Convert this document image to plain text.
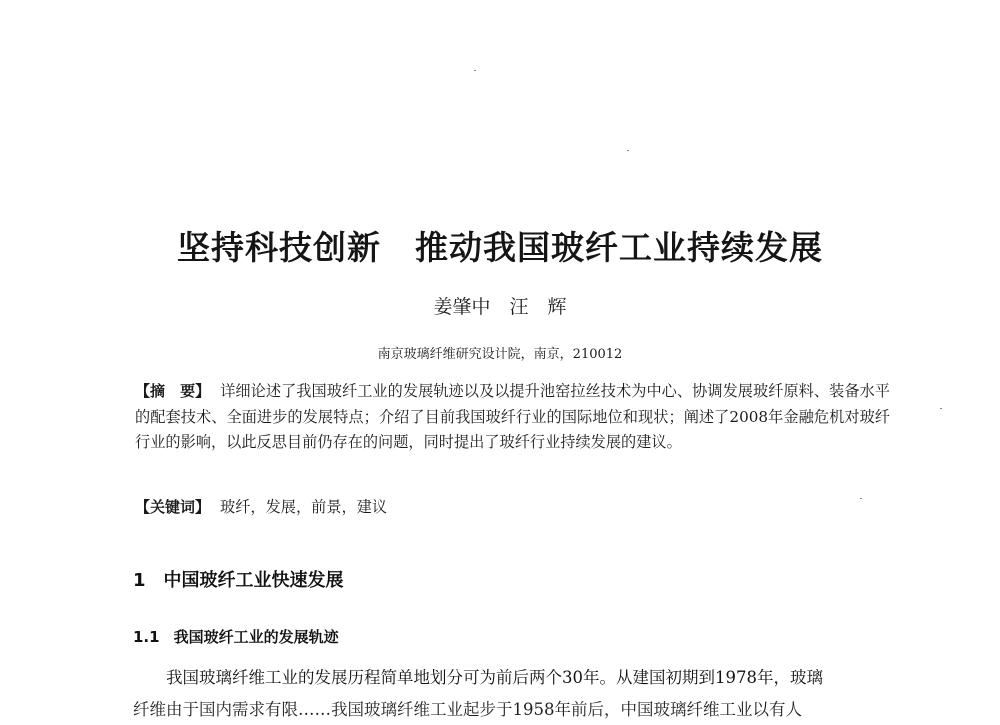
坚持科技创新　推动我国玻纤工业持续发展
姜肇中　汪　辉
南京玻璃纤维研究设计院，南京，210012
【摘　要】 详细论述了我国玻纤工业的发展轨迹以及以提升池窑拉丝技术为中心、协调发展玻纤原料、装备水平的配套技术、全面进步的发展特点；介绍了目前我国玻纤行业的国际地位和现状；阐述了2008年金融危机对玻纤行业的影响，以此反思目前仍存在的问题，同时提出了玻纤行业持续发展的建议。
【关键词】 玻纤，发展，前景，建议
1 中国玻纤工业快速发展
1.1 我国玻纤工业的发展轨迹
我国玻璃纤维工业的发展历程简单地划分可为前后两个30年。从建国初期到1978年，玻璃
纤维由于国内需求有限……我国玻璃纤维工业起步于1958年前后，中国玻璃纤维工业以有人
